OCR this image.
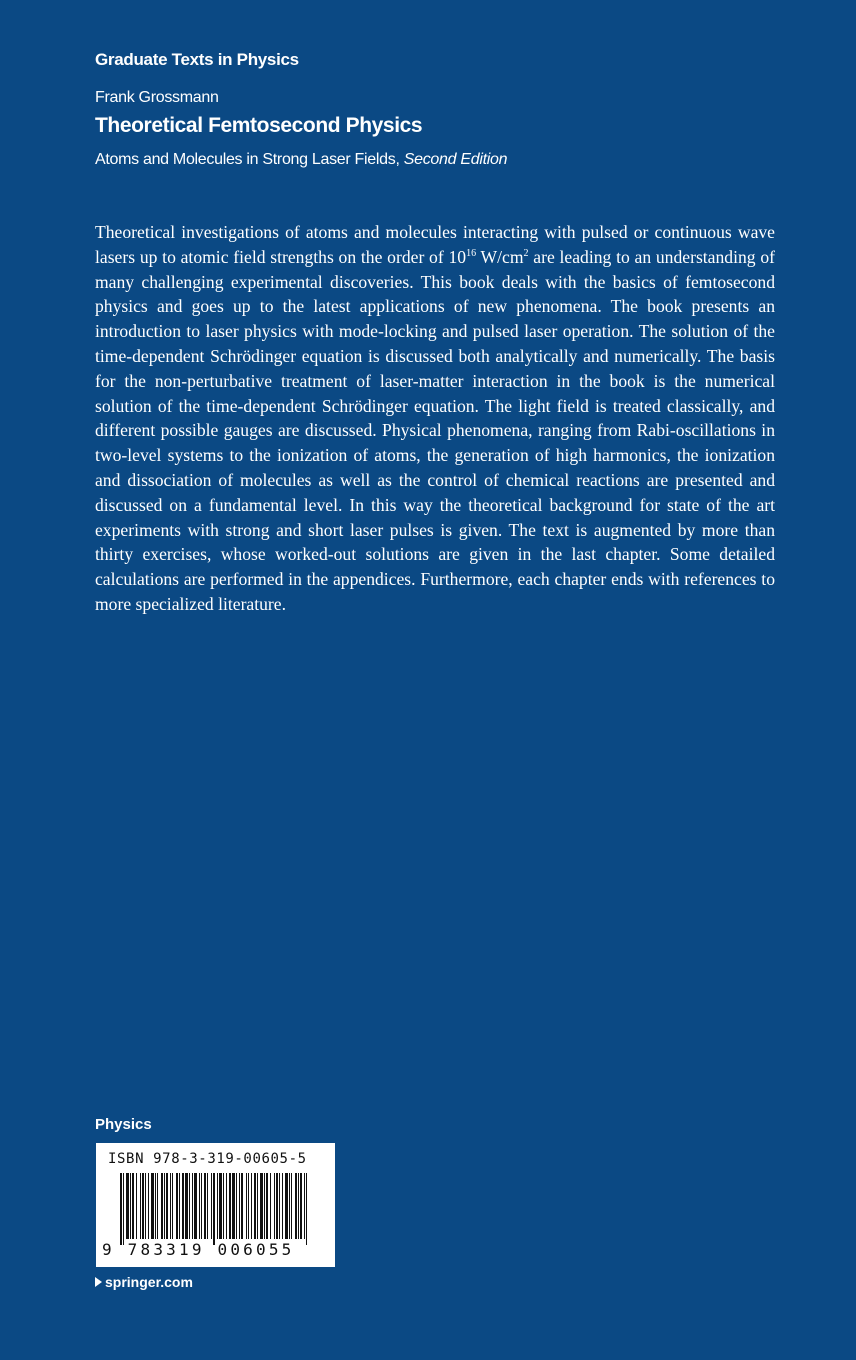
Graduate Texts in Physics
Frank Grossmann
Theoretical Femtosecond Physics
Atoms and Molecules in Strong Laser Fields, Second Edition

Theoretical investigations of atoms and molecules interacting with pulsed or continuous wave lasers up to atomic field strengths on the order of $10^{16}$ $W/cm^2$ are leading to an understanding of many challenging experimental discoveries. This book deals with the basics of femtosecond physics and goes up to the latest applications of new phenomena. The book presents an introduction to laser physics with mode-locking and pulsed laser operation. The solution of the time-dependent Schrödinger equation is discussed both analytically and numerically. The basis for the non-perturbative treatment of laser-matter interaction in the book is the numerical solution of the time-dependent Schrödinger equation. The light field is treated classically, and different possible gauges are discussed. Physical phenomena, ranging from Rabi-oscillations in two-level systems to the ionization of atoms, the generation of high harmonics, the ionization and dissociation of molecules as well as the control of chemical reactions are presented and discussed on a fundamental level. In this way the theoretical background for state of the art experiments with strong and short laser pulses is given. The text is augmented by more than thirty exercises, whose worked-out solutions are given in the last chapter. Some detailed calculations are performed in the appendices. Furthermore, each chapter ends with references to more specialized literature.

Physics
ISBN 978-3-319-00605-5
9 783319 006055
springer.com
